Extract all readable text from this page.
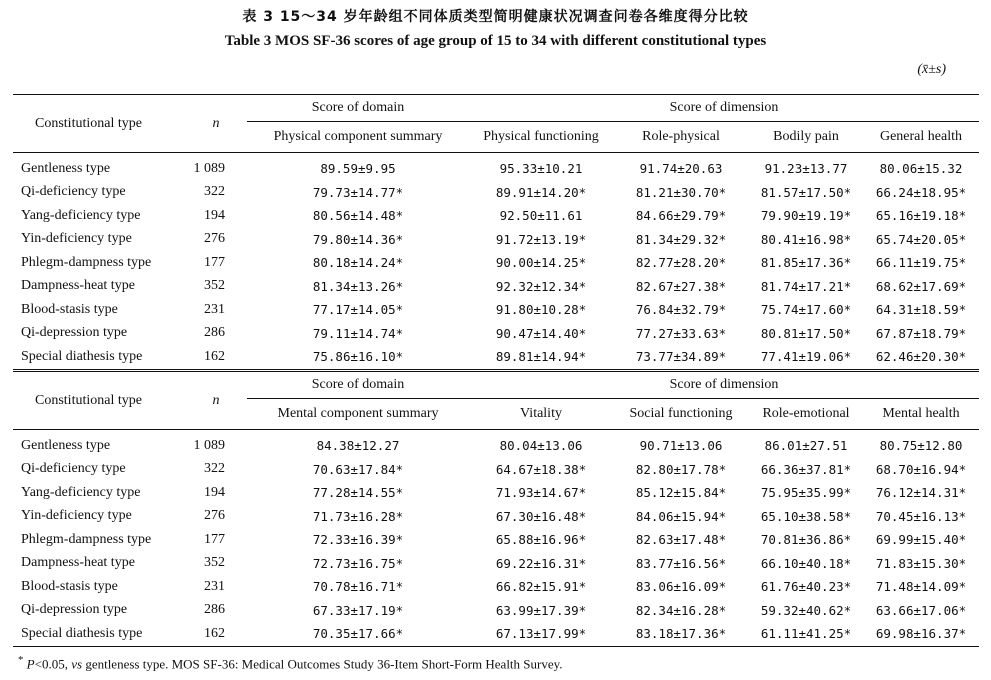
表 3 15～34 岁年龄组不同体质类型简明健康状况调查问卷各维度得分比较
Table 3 MOS SF-36 scores of age group of 15 to 34 with different constitutional types
(x̄±s)
Constitutional type	n	Score of domain	Score of dimension			
		Physical component summary	Physical functioning	Role-physical	Bodily pain	General health
Gentleness type	1 089	89.59±9.95	95.33±10.21	91.74±20.63	91.23±13.77	80.06±15.32
Qi-deficiency type	322	79.73±14.77*	89.91±14.20*	81.21±30.70*	81.57±17.50*	66.24±18.95*
Yang-deficiency type	194	80.56±14.48*	92.50±11.61	84.66±29.79*	79.90±19.19*	65.16±19.18*
Yin-deficiency type	276	79.80±14.36*	91.72±13.19*	81.34±29.32*	80.41±16.98*	65.74±20.05*
Phlegm-dampness type	177	80.18±14.24*	90.00±14.25*	82.77±28.20*	81.85±17.36*	66.11±19.75*
Dampness-heat type	352	81.34±13.26*	92.32±12.34*	82.67±27.38*	81.74±17.21*	68.62±17.69*
Blood-stasis type	231	77.17±14.05*	91.80±10.28*	76.84±32.79*	75.74±17.60*	64.31±18.59*
Qi-depression type	286	79.11±14.74*	90.47±14.40*	77.27±33.63*	80.81±17.50*	67.87±18.79*
Special diathesis type	162	75.86±16.10*	89.81±14.94*	73.77±34.89*	77.41±19.06*	62.46±20.30*
Constitutional type	n	Score of domain	Score of dimension			
		Mental component summary	Vitality	Social functioning	Role-emotional	Mental health
Gentleness type	1 089	84.38±12.27	80.04±13.06	90.71±13.06	86.01±27.51	80.75±12.80
Qi-deficiency type	322	70.63±17.84*	64.67±18.38*	82.80±17.78*	66.36±37.81*	68.70±16.94*
Yang-deficiency type	194	77.28±14.55*	71.93±14.67*	85.12±15.84*	75.95±35.99*	76.12±14.31*
Yin-deficiency type	276	71.73±16.28*	67.30±16.48*	84.06±15.94*	65.10±38.58*	70.45±16.13*
Phlegm-dampness type	177	72.33±16.39*	65.88±16.96*	82.63±17.48*	70.81±36.86*	69.99±15.40*
Dampness-heat type	352	72.73±16.75*	69.22±16.31*	83.77±16.56*	66.10±40.18*	71.83±15.30*
Blood-stasis type	231	70.78±16.71*	66.82±15.91*	83.06±16.09*	61.76±40.23*	71.48±14.09*
Qi-depression type	286	67.33±17.19*	63.99±17.39*	82.34±16.28*	59.32±40.62*	63.66±17.06*
Special diathesis type	162	70.35±17.66*	67.13±17.99*	83.18±17.36*	61.11±41.25*	69.98±16.37*
* P<0.05, vs gentleness type. MOS SF-36: Medical Outcomes Study 36-Item Short-Form Health Survey.
